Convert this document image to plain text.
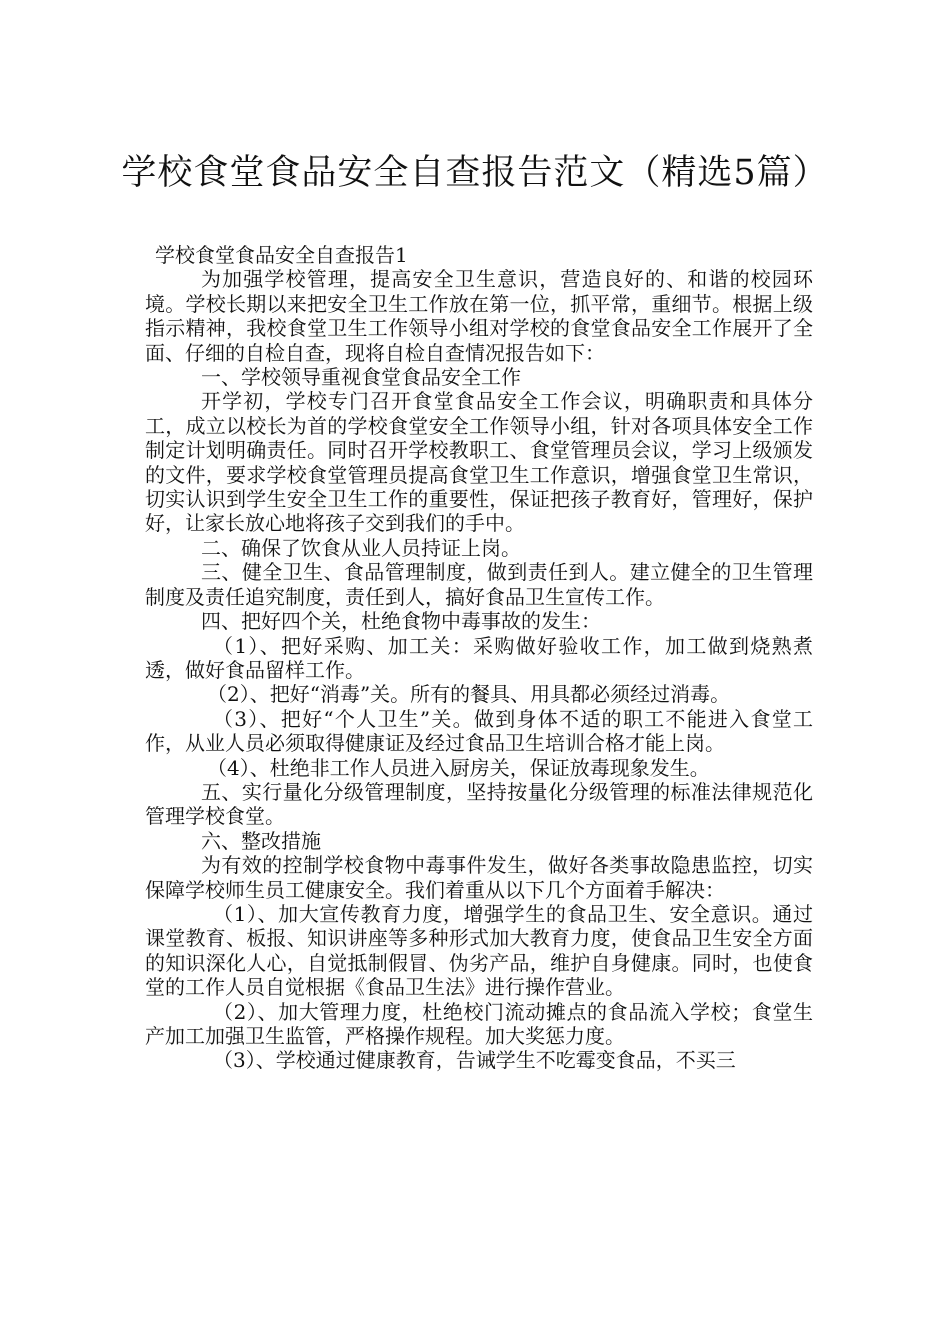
学校食堂食品安全自查报告范文（精选5篇）

学校食堂食品安全自查报告1

为加强学校管理，提高安全卫生意识，营造良好的、和谐的校园环境。学校长期以来把安全卫生工作放在第一位，抓平常，重细节。根据上级指示精神，我校食堂卫生工作领导小组对学校的食堂食品安全工作展开了全面、仔细的自检自查，现将自检自查情况报告如下：

一、学校领导重视食堂食品安全工作

开学初，学校专门召开食堂食品安全工作会议，明确职责和具体分工，成立以校长为首的学校食堂安全工作领导小组，针对各项具体安全工作制定计划明确责任。同时召开学校教职工、食堂管理员会议，学习上级颁发的文件，要求学校食堂管理员提高食堂卫生工作意识，增强食堂卫生常识，切实认识到学生安全卫生工作的重要性，保证把孩子教育好，管理好，保护好，让家长放心地将孩子交到我们的手中。

二、确保了饮食从业人员持证上岗。

三、健全卫生、食品管理制度，做到责任到人。建立健全的卫生管理制度及责任追究制度，责任到人，搞好食品卫生宣传工作。

四、把好四个关，杜绝食物中毒事故的发生：

（1）、把好采购、加工关：采购做好验收工作，加工做到烧熟煮透，做好食品留样工作。

（2）、把好“消毒”关。所有的餐具、用具都必须经过消毒。

（3）、把好“个人卫生”关。做到身体不适的职工不能进入食堂工作，从业人员必须取得健康证及经过食品卫生培训合格才能上岗。

（4）、杜绝非工作人员进入厨房关，保证放毒现象发生。

五、实行量化分级管理制度，坚持按量化分级管理的标准法律规范化管理学校食堂。

六、整改措施

为有效的控制学校食物中毒事件发生，做好各类事故隐患监控，切实保障学校师生员工健康安全。我们着重从以下几个方面着手解决：

（1）、加大宣传教育力度，增强学生的食品卫生、安全意识。通过课堂教育、板报、知识讲座等多种形式加大教育力度，使食品卫生安全方面的知识深化人心，自觉抵制假冒、伪劣产品，维护自身健康。同时，也使食堂的工作人员自觉根据《食品卫生法》进行操作营业。

（2）、加大管理力度，杜绝校门流动摊点的食品流入学校；食堂生产加工加强卫生监管，严格操作规程。加大奖惩力度。

（3）、学校通过健康教育，告诫学生不吃霉变食品，不买三
